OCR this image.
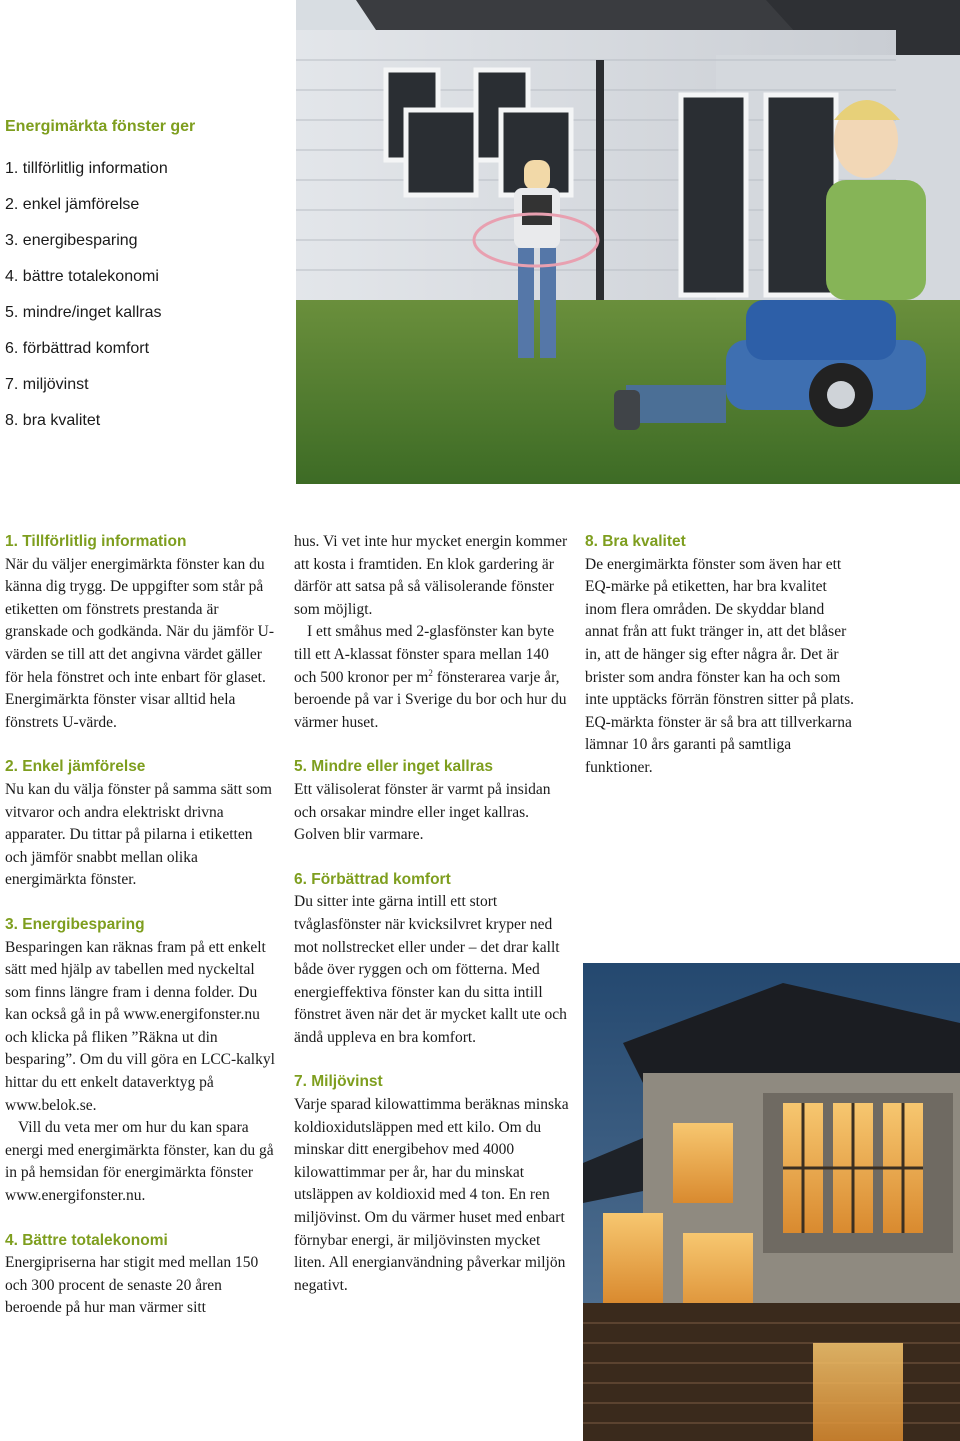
Energimärkta fönster ger
1. tillförlitlig information
2. enkel jämförelse
3. energibesparing
4. bättre totalekonomi
5. mindre/inget kallras
6. förbättrad komfort
7. miljövinst
8. bra kvalitet
1. Tillförlitlig information

När du väljer energimärkta fönster kan du känna dig trygg. De uppgifter som står på etiketten om fönstrets prestanda är granskade och godkända. När du jämför U-värden se till att det angivna värdet gäller för hela fönstret och inte enbart för glaset. Energimärkta fönster visar alltid hela fönstrets U-värde.

2. Enkel jämförelse

Nu kan du välja fönster på samma sätt som vitvaror och andra elektriskt drivna apparater. Du tittar på pilarna i etiketten och jämför snabbt mellan olika energimärkta fönster.

3. Energibesparing

Besparingen kan räknas fram på ett enkelt sätt med hjälp av tabellen med nyckeltal som finns längre fram i denna folder. Du kan också gå in på www.energifonster.nu och klicka på fliken ”Räkna ut din besparing”. Om du vill göra en LCC-kalkyl hittar du ett enkelt dataverktyg på www.belok.se.

Vill du veta mer om hur du kan spara energi med energimärkta fönster, kan du gå in på hemsidan för energimärkta fönster www.energifonster.nu.

4. Bättre totalekonomi

Energipriserna har stigit med mellan 150 och 300 procent de senaste 20 åren beroende på hur man värmer sitt

hus. Vi vet inte hur mycket energin kommer att kosta i framtiden. En klok gardering är därför att satsa på så välisolerande fönster som möjligt.

I ett småhus med 2-glasfönster kan byte till ett A-klassat fönster spara mellan 140 och 500 kronor per $m^2$ fönsterarea varje år, beroende på var i Sverige du bor och hur du värmer huset.

5. Mindre eller inget kallras

Ett välisolerat fönster är varmt på insidan och orsakar mindre eller inget kallras. Golven blir varmare.

6. Förbättrad komfort

Du sitter inte gärna intill ett stort tvåglasfönster när kvicksilvret kryper ned mot nollstrecket eller under – det drar kallt både över ryggen och om fötterna. Med energieffektiva fönster kan du sitta intill fönstret även när det är mycket kallt ute och ändå uppleva en bra komfort.

7. Miljövinst

Varje sparad kilowattimma beräknas minska koldioxidutsläppen med ett kilo. Om du minskar ditt energibehov med 4000 kilowattimmar per år, har du minskat utsläppen av koldioxid med 4 ton. En ren miljövinst. Om du värmer huset med enbart förnybar energi, är miljövinsten mycket liten. All energianvändning påverkar miljön negativt.

8. Bra kvalitet

De energimärkta fönster som även har ett EQ-märke på etiketten, har bra kvalitet inom flera områden. De skyddar bland annat från att fukt tränger in, att det blåser in, att de hänger sig efter några år. Det är brister som andra fönster kan ha och som inte upptäcks förrän fönstren sitter på plats. EQ-märkta fönster är så bra att tillverkarna lämnar 10 års garanti på samtliga funktioner.
